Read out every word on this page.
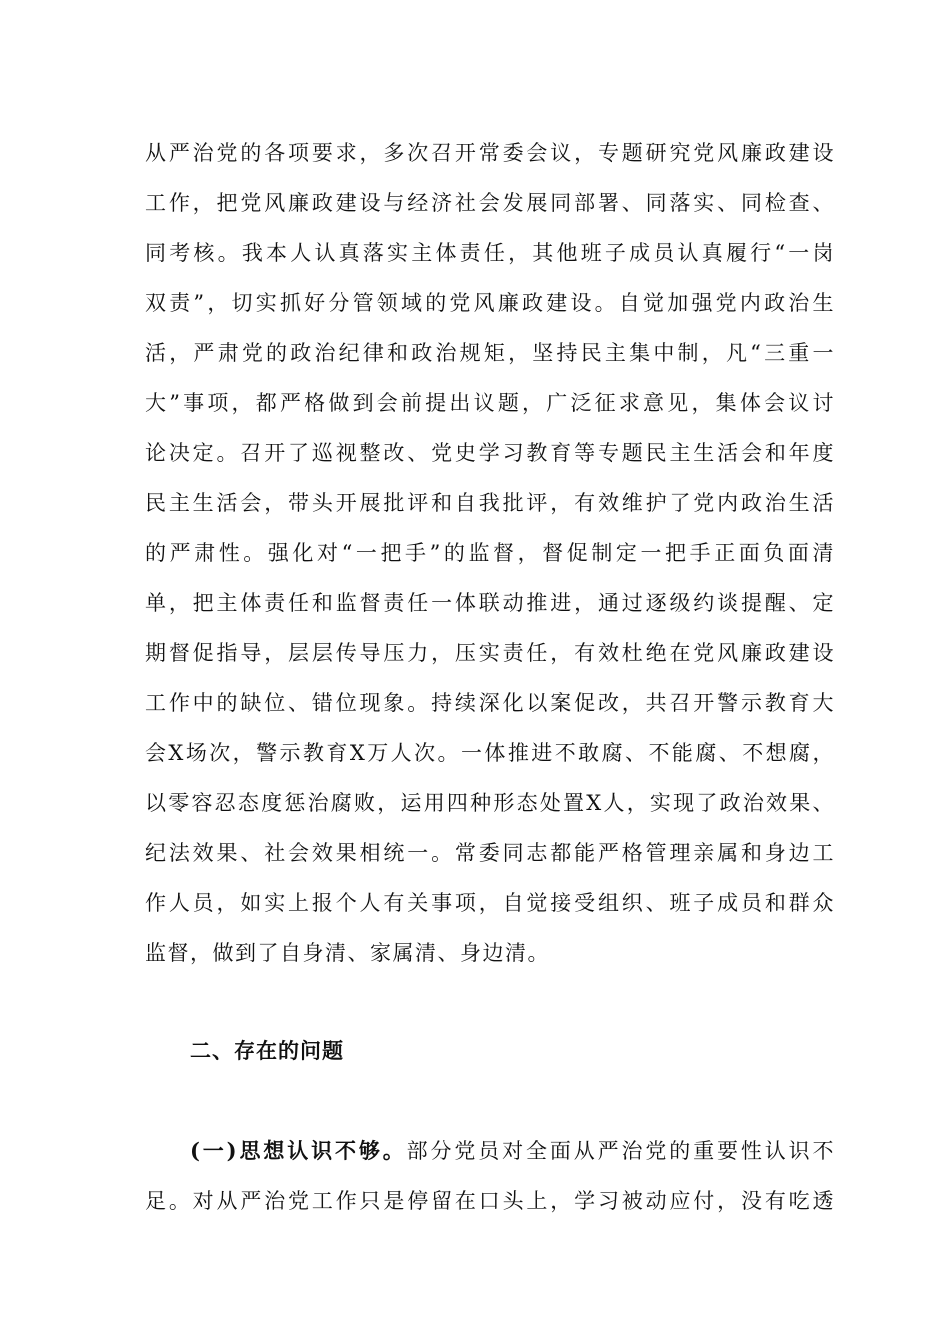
从严治党的各项要求，多次召开常委会议，专题研究党风廉政建设
工作，把党风廉政建设与经济社会发展同部署、同落实、同检查、
同考核。我本人认真落实主体责任，其他班子成员认真履行“一岗
双责”，切实抓好分管领域的党风廉政建设。自觉加强党内政治生
活，严肃党的政治纪律和政治规矩，坚持民主集中制，凡“三重一
大”事项，都严格做到会前提出议题，广泛征求意见，集体会议讨
论决定。召开了巡视整改、党史学习教育等专题民主生活会和年度
民主生活会，带头开展批评和自我批评，有效维护了党内政治生活
的严肃性。强化对“一把手”的监督，督促制定一把手正面负面清
单，把主体责任和监督责任一体联动推进，通过逐级约谈提醒、定
期督促指导，层层传导压力，压实责任，有效杜绝在党风廉政建设
工作中的缺位、错位现象。持续深化以案促改，共召开警示教育大
会X场次，警示教育X万人次。一体推进不敢腐、不能腐、不想腐，
以零容忍态度惩治腐败，运用四种形态处置X人，实现了政治效果、
纪法效果、社会效果相统一。常委同志都能严格管理亲属和身边工
作人员，如实上报个人有关事项，自觉接受组织、班子成员和群众
监督，做到了自身清、家属清、身边清。
二、存在的问题
(一)思想认识不够。部分党员对全面从严治党的重要性认识不
足。对从严治党工作只是停留在口头上，学习被动应付，没有吃透
